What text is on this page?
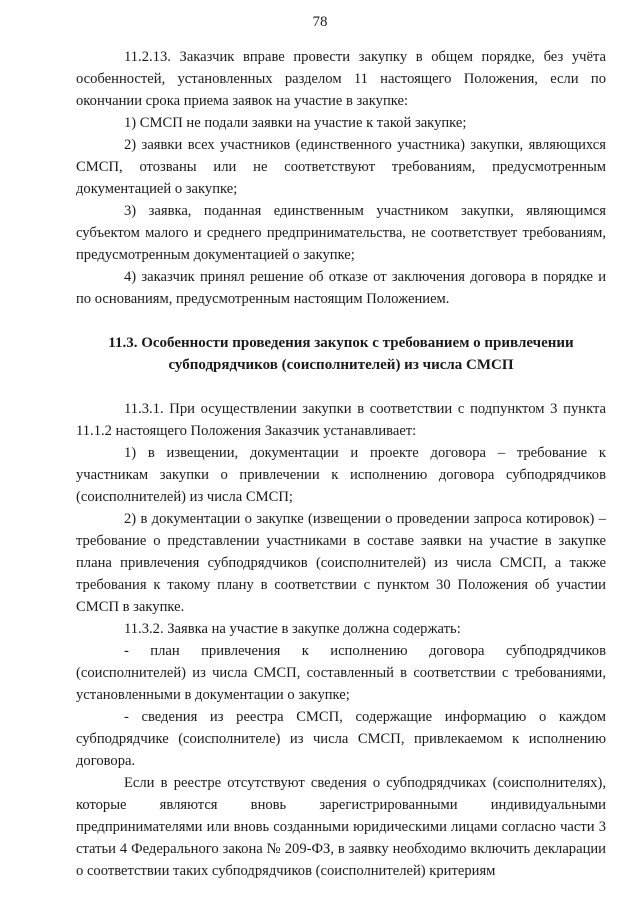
78

11.2.13. Заказчик вправе провести закупку в общем порядке, без учёта особенностей, установленных разделом 11 настоящего Положения, если по окончании срока приема заявок на участие в закупке:

1) СМСП не подали заявки на участие к такой закупке;

2) заявки всех участников (единственного участника) закупки, являющихся СМСП, отозваны или не соответствуют требованиям, предусмотренным документацией о закупке;

3) заявка, поданная единственным участником закупки, являющимся субъектом малого и среднего предпринимательства, не соответствует требованиям, предусмотренным документацией о закупке;

4) заказчик принял решение об отказе от заключения договора в порядке и по основаниям, предусмотренным настоящим Положением.

11.3. Особенности проведения закупок с требованием о привлечении субподрядчиков (соисполнителей) из числа СМСП

11.3.1. При осуществлении закупки в соответствии с подпунктом 3 пункта 11.1.2 настоящего Положения Заказчик устанавливает:

1) в извещении, документации и проекте договора – требование к участникам закупки о привлечении к исполнению договора субподрядчиков (соисполнителей) из числа СМСП;

2) в документации о закупке (извещении о проведении запроса котировок) – требование о представлении участниками в составе заявки на участие в закупке плана привлечения субподрядчиков (соисполнителей) из числа СМСП, а также требования к такому плану в соответствии с пунктом 30 Положения об участии СМСП в закупке.

11.3.2. Заявка на участие в закупке должна содержать:

- план привлечения к исполнению договора субподрядчиков (соисполнителей) из числа СМСП, составленный в соответствии с требованиями, установленными в документации о закупке;

- сведения из реестра СМСП, содержащие информацию о каждом субподрядчике (соисполнителе) из числа СМСП, привлекаемом к исполнению договора.

Если в реестре отсутствуют сведения о субподрядчиках (соисполнителях), которые являются вновь зарегистрированными индивидуальными предпринимателями или вновь созданными юридическими лицами согласно части 3 статьи 4 Федерального закона № 209-ФЗ, в заявку необходимо включить декларации о соответствии таких субподрядчиков (соисполнителей) критериям
